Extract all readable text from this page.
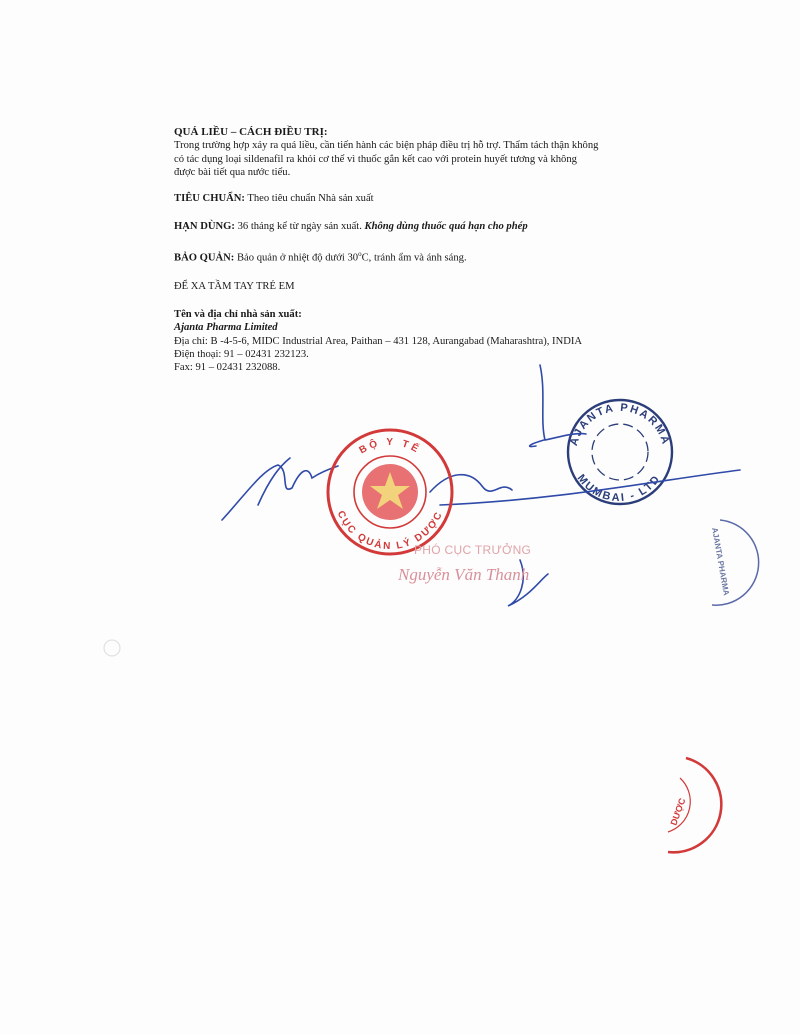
QUÁ LIỀU – CÁCH ĐIỀU TRỊ:

Trong trường hợp xảy ra quá liều, cần tiến hành các biện pháp điều trị hỗ trợ. Thẩm tách thận không
có tác dụng loại sildenafil ra khỏi cơ thể vì thuốc gắn kết cao với protein huyết tương và không
được bài tiết qua nước tiểu.

TIÊU CHUẨN: Theo tiêu chuẩn Nhà sản xuất
HẠN DÙNG: 36 tháng kể từ ngày sản xuất. Không dùng thuốc quá hạn cho phép
BẢO QUẢN: Bảo quản ở nhiệt độ dưới 30$^o$C, tránh ẩm và ánh sáng.
ĐỂ XA TẦM TAY TRẺ EM
Tên và địa chỉ nhà sản xuất:
Ajanta Pharma Limited
Địa chỉ: B -4-5-6, MIDC Industrial Area, Paithan – 431 128, Aurangabad (Maharashtra), INDIA
Điện thoại: 91 – 02431 232123.
Fax: 91 – 02431 232088.
AJANTA PHARMA
MUMBAI - LTD
BỘ Y TẾ
CỤC QUẢN LÝ DƯỢC
AJANTA PHARMA
DƯỢC
PHÓ CỤC TRƯỞNG
Nguyễn Văn Thanh
